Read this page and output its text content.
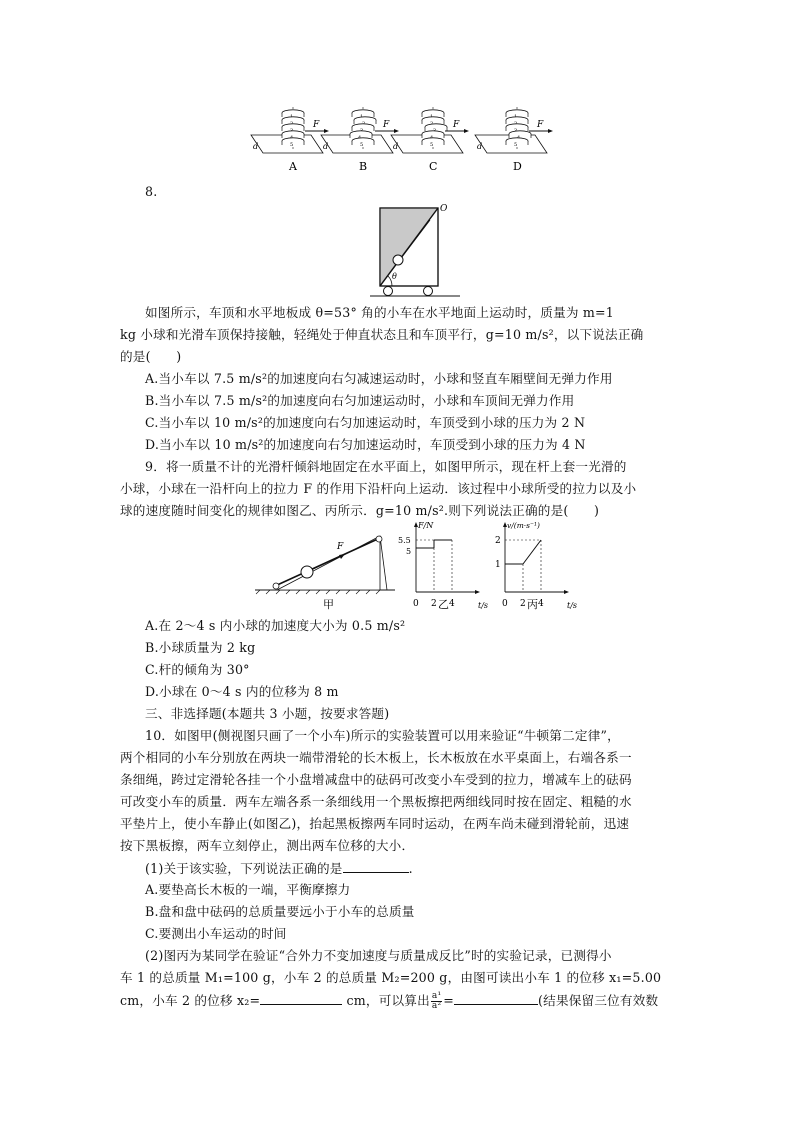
5
F
d
A
5
F
d
B
5
F
d
C
5
F
d
D
8.
θ
O
如图所示，车顶和水平地板成 θ=53° 角的小车在水平地面上运动时，质量为 m=1
kg 小球和光滑车顶保持接触，轻绳处于伸直状态且和车顶平行，g=10 m/s²，以下说法正确
的是(　　)
A.当小车以 7.5 m/s²的加速度向右匀减速运动时，小球和竖直车厢壁间无弹力作用
B.当小车以 7.5 m/s²的加速度向右匀加速运动时，小球和车顶间无弹力作用
C.当小车以 10 m/s²的加速度向右匀加速运动时，车顶受到小球的压力为 2 N
D.当小车以 10 m/s²的加速度向右匀加速运动时，车顶受到小球的压力为 4 N
9．将一质量不计的光滑杆倾斜地固定在水平面上，如图甲所示，现在杆上套一光滑的
小球，小球在一沿杆向上的拉力 F 的作用下沿杆向上运动．该过程中小球所受的拉力以及小
球的速度随时间变化的规律如图乙、丙所示．g=10 m/s².则下列说法正确的是(　　)
F
甲
F/N
t/s
5.5
5
0 2 4
乙
v/(m·s⁻¹)
t/s
2
1
0 2 4
丙
A.在 2～4 s 内小球的加速度大小为 0.5 m/s²
B.小球质量为 2 kg
C.杆的倾角为 30°
D.小球在 0～4 s 内的位移为 8 m
三、非选择题(本题共 3 小题，按要求答题)
10．如图甲(侧视图只画了一个小车)所示的实验装置可以用来验证“牛顿第二定律”，
两个相同的小车分别放在两块一端带滑轮的长木板上，长木板放在水平桌面上，右端各系一
条细绳，跨过定滑轮各挂一个小盘增减盘中的砝码可改变小车受到的拉力，增减车上的砝码
可改变小车的质量．两车左端各系一条细线用一个黑板擦把两细线同时按在固定、粗糙的水
平垫片上，使小车静止(如图乙)，抬起黑板擦两车同时运动，在两车尚未碰到滑轮前，迅速
按下黑板擦，两车立刻停止，测出两车位移的大小．
(1)关于该实验，下列说法正确的是	.
A.要垫高长木板的一端，平衡摩擦力
B.盘和盘中砝码的总质量要远小于小车的总质量
C.要测出小车运动的时间
(2)图丙为某同学在验证“合外力不变加速度与质量成反比”时的实验记录，已测得小
车 1 的总质量 M₁=100 g，小车 2 的总质量 M₂=200 g，由图可读出小车 1 的位移 x₁=5.00
cm，小车 2 的位移 x₂=	cm，可以算出 $\frac{\text{a¹}}{\text{a²}}$ =	(结果保留三位有效数
